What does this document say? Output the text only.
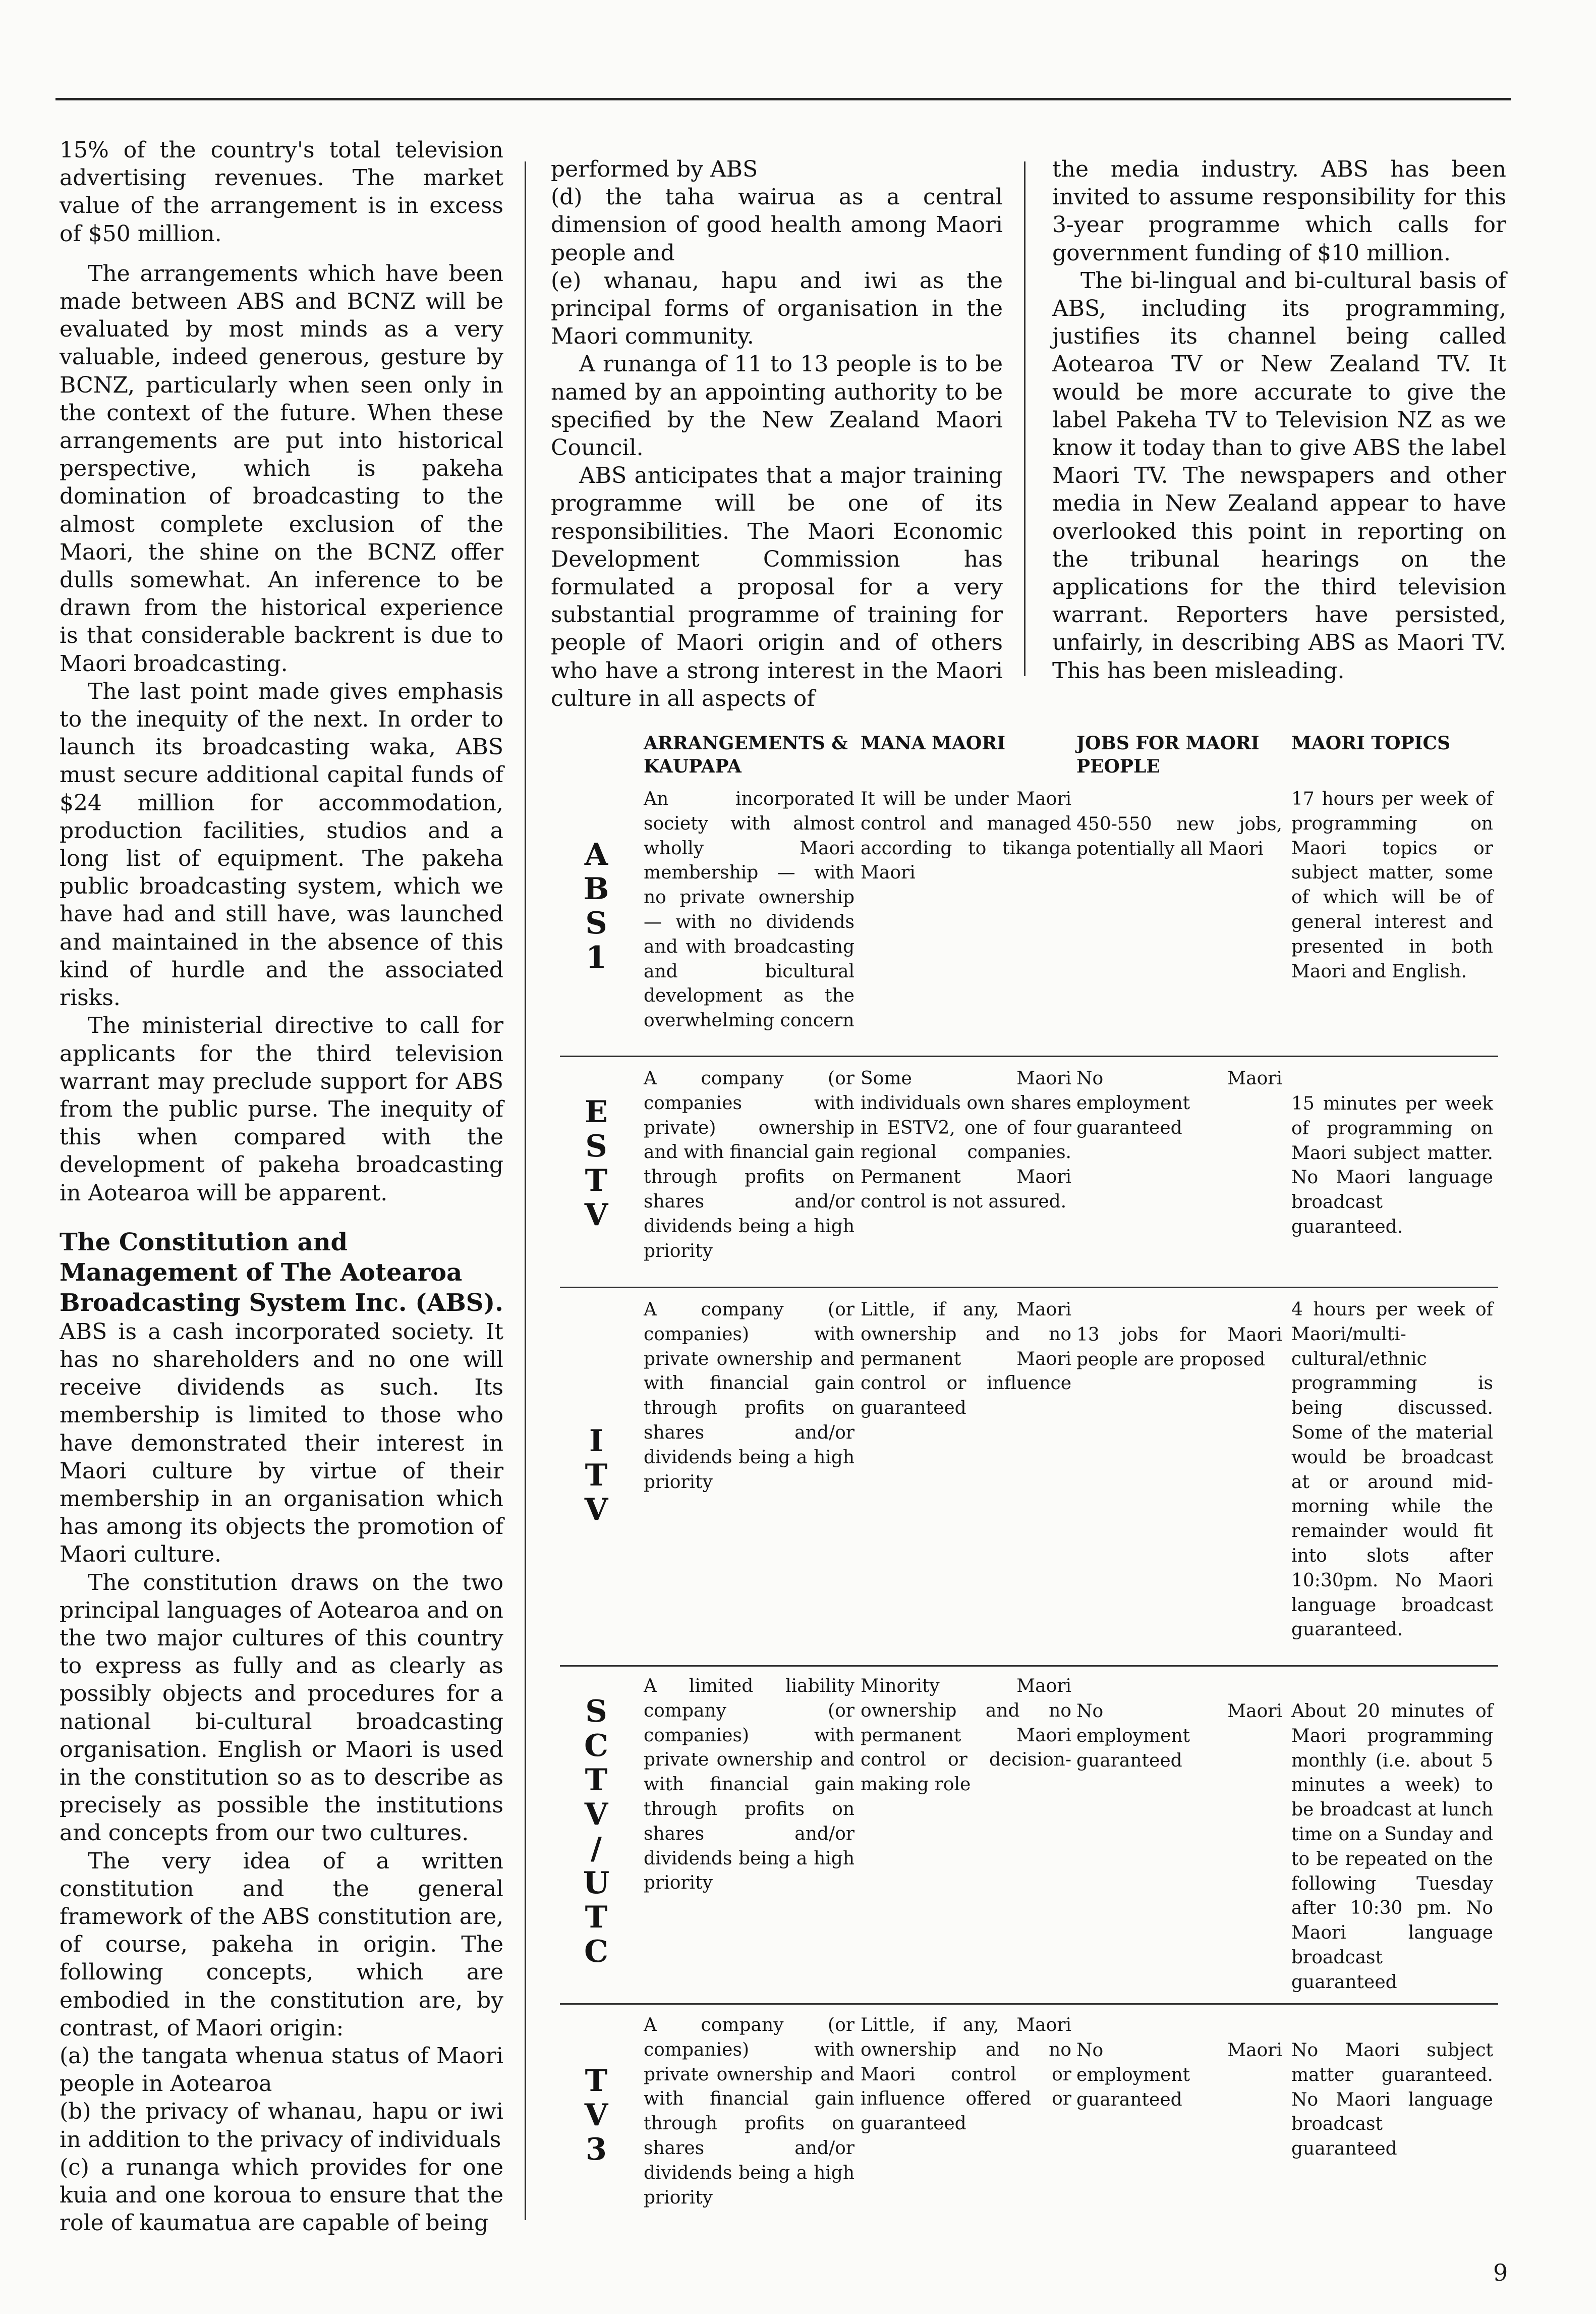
15% of the country's total television advertising revenues. The market value of the arrangement is in excess of $50 million.

The arrangements which have been made between ABS and BCNZ will be evaluated by most minds as a very valuable, indeed generous, gesture by BCNZ, particularly when seen only in the context of the future. When these arrangements are put into historical perspective, which is pakeha domination of broadcasting to the almost complete exclusion of the Maori, the shine on the BCNZ offer dulls somewhat. An inference to be drawn from the historical experience is that considerable backrent is due to Maori broadcasting.

The last point made gives emphasis to the inequity of the next. In order to launch its broadcasting waka, ABS must secure additional capital funds of $24 million for accommodation, production facilities, studios and a long list of equipment. The pakeha public broadcasting system, which we have had and still have, was launched and maintained in the absence of this kind of hurdle and the associated risks.

The ministerial directive to call for applicants for the third television warrant may preclude support for ABS from the public purse. The inequity of this when compared with the development of pakeha broadcasting in Aotearoa will be apparent.

The Constitution and Management of The Aotearoa Broadcasting System Inc. (ABS).

ABS is a cash incorporated society. It has no shareholders and no one will receive dividends as such. Its membership is limited to those who have demonstrated their interest in Maori culture by virtue of their membership in an organisation which has among its objects the promotion of Maori culture.

The constitution draws on the two principal languages of Aotearoa and on the two major cultures of this country to express as fully and as clearly as possibly objects and procedures for a national bi-cultural broadcasting organisation. English or Maori is used in the constitution so as to describe as precisely as possible the institutions and concepts from our two cultures.

The very idea of a written constitution and the general framework of the ABS constitution are, of course, pakeha in origin. The following concepts, which are embodied in the constitution are, by contrast, of Maori origin:

(a) the tangata whenua status of Maori people in Aotearoa

(b) the privacy of whanau, hapu or iwi in addition to the privacy of individuals

(c) a runanga which provides for one kuia and one koroua to ensure that the role of kaumatua are capable of being

performed by ABS

(d) the taha wairua as a central dimension of good health among Maori people and

(e) whanau, hapu and iwi as the principal forms of organisation in the Maori community.

A runanga of 11 to 13 people is to be named by an appointing authority to be specified by the New Zealand Maori Council.

ABS anticipates that a major training programme will be one of its responsibilities. The Maori Economic Development Commission has formulated a proposal for a very substantial programme of training for people of Maori origin and of others who have a strong interest in the Maori culture in all aspects of

the media industry. ABS has been invited to assume responsibility for this 3-year programme which calls for government funding of $10 million.

The bi-lingual and bi-cultural basis of ABS, including its programming, justifies its channel being called Aotearoa TV or New Zealand TV. It would be more accurate to give the label Pakeha TV to Television NZ as we know it today than to give ABS the label Maori TV. The newspapers and other media in New Zealand appear to have overlooked this point in reporting on the tribunal hearings on the applications for the third television warrant. Reporters have persisted, unfairly, in describing ABS as Maori TV. This has been misleading.

ARRANGEMENTS & KAUPAPA
MANA MAORI	JOBS FOR MAORI PEOPLE
MAORI TOPICS
A
B
S
1
An incorporated society with almost wholly Maori membership — with no private ownership — with no dividends and with broadcasting and bicultural development as the overwhelming concern
It will be under Maori control and managed according to tikanga Maori
450-550 new jobs, potentially all Maori
17 hours per week of programming on Maori topics or subject matter, some of which will be of general interest and presented in both Maori and English.
E
S
T
V
A company (or companies with private) ownership and with financial gain through profits on shares and/or dividends being a high priority
Some Maori individuals own shares in ESTV2, one of four regional companies. Permanent Maori control is not assured.
No Maori employment guaranteed
15 minutes per week of programming on Maori subject matter. No Maori language broadcast guaranteed.
I
T
V
A company (or companies) with private ownership and with financial gain through profits on shares and/or dividends being a high priority
Little, if any, Maori ownership and no permanent Maori control or influence guaranteed
13 jobs for Maori people are proposed
4 hours per week of Maori/multi-cultural/ethnic programming is being discussed. Some of the material would be broadcast at or around mid-morning while the remainder would fit into slots after 10:30pm. No Maori language broadcast guaranteed.
S
C
T
V
/
U
T
C
A limited liability company (or companies) with private ownership and with financial gain through profits on shares and/or dividends being a high priority
Minority Maori ownership and no permanent Maori control or decision-making role
No Maori employment guaranteed
About 20 minutes of Maori programming monthly (i.e. about 5 minutes a week) to be broadcast at lunch time on a Sunday and to be repeated on the following Tuesday after 10:30 pm. No Maori language broadcast guaranteed
T
V
3
A company (or companies) with private ownership and with financial gain through profits on shares and/or dividends being a high priority
Little, if any, Maori ownership and no Maori control or influence offered or guaranteed
No Maori employment guaranteed
No Maori subject matter guaranteed. No Maori language broadcast guaranteed
9
